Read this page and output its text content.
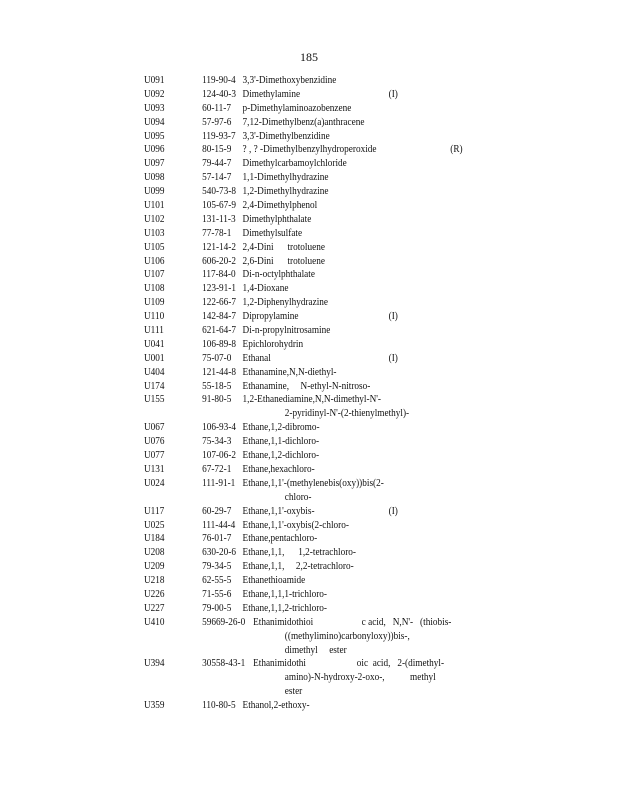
185
U091	119-90-4 3,3'-Dimethoxybenzidine
U092	124-40-3 Dimethylamine	(I)
U093	60-11-7 p-Dimethylaminoazobenzene
U094	57-97-6 7,12-Dimethylbenz(a)anthracene
U095	119-93-7 3,3'-Dimethylbenzidine
U096	80-15-9 ? , ? -Dimethylbenzylhydroperoxide	(R)
U097	79-44-7 Dimethylcarbamoylchloride
U098	57-14-7 1,1-Dimethylhydrazine
U099	540-73-8 1,2-Dimethylhydrazine
U101	105-67-9 2,4-Dimethylphenol
U102	131-11-3 Dimethylphthalate
U103	77-78-1 Dimethylsulfate
U105	121-14-2 2,4-Dini      trotoluene
U106	606-20-2 2,6-Dini      trotoluene
U107	117-84-0 Di-n-octylphthalate
U108	123-91-1 1,4-Dioxane
U109	122-66-7 1,2-Diphenylhydrazine
U110	142-84-7 Dipropylamine	(I)
U111	621-64-7 Di-n-propylnitrosamine
U041	106-89-8 Epichlorohydrin
U001	75-07-0 Ethanal	(I)
U404	121-44-8 Ethanamine,N,N-diethyl-
U174	55-18-5 Ethanamine,     N-ethyl-N-nitroso-
U155	91-80-5 1,2-Ethanediamine,N,N-dimethyl-N'-
2-pyridinyl-N'-(2-thienylmethyl)-
U067	106-93-4 Ethane,1,2-dibromo-
U076	75-34-3 Ethane,1,1-dichloro-
U077	107-06-2 Ethane,1,2-dichloro-
U131	67-72-1 Ethane,hexachloro-
U024	111-91-1 Ethane,1,1'-(methylenebis(oxy))bis(2-
chloro-
U117	60-29-7 Ethane,1,1'-oxybis-	(I)
U025	111-44-4 Ethane,1,1'-oxybis(2-chloro-
U184	76-01-7 Ethane,pentachloro-
U208	630-20-6 Ethane,1,1,      1,2-tetrachloro-
U209	79-34-5 Ethane,1,1,     2,2-tetrachloro-
U218	62-55-5 Ethanethioamide
U226	71-55-6 Ethane,1,1,1-trichloro-
U227	79-00-5 Ethane,1,1,2-trichloro-
U410	59669-26-0 Ethanimidothioi                     c acid,   N,N'-   (thiobis-
((methylimino)carbonyloxy))bis-,
dimethyl     ester
U394	30558-43-1 Ethanimidothi                      oic  acid,   2-(dimethyl-
amino)-N-hydroxy-2-oxo-,           methyl
ester
U359	110-80-5 Ethanol,2-ethoxy-
